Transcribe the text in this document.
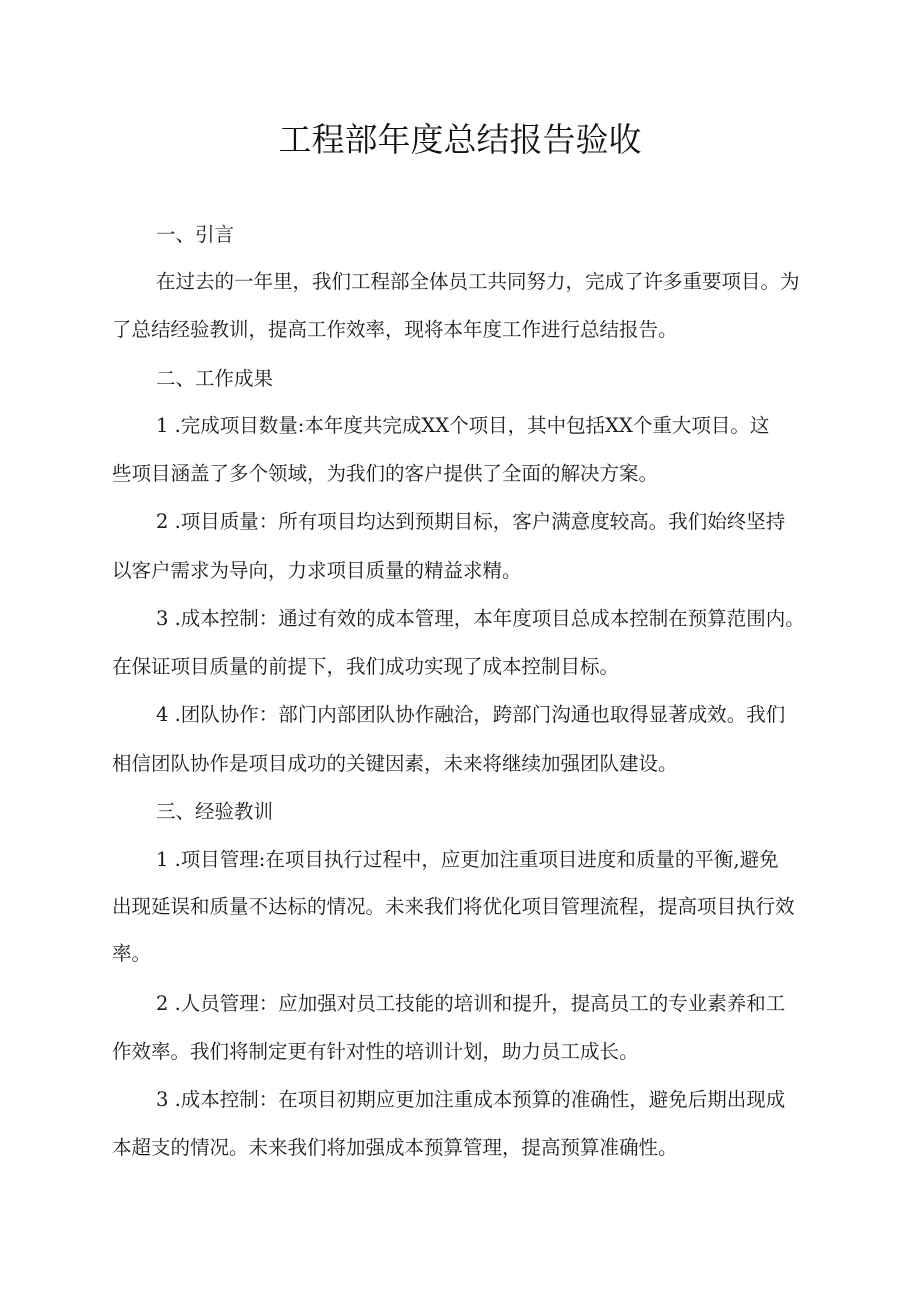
工程部年度总结报告验收

一、引言

在过去的一年里，我们工程部全体员工共同努力，完成了许多重要项目。为

了总结经验教训，提高工作效率，现将本年度工作进行总结报告。

二、工作成果

1 .完成项目数量:本年度共完成XX个项目，其中包括XX个重大项目。这

些项目涵盖了多个领域，为我们的客户提供了全面的解决方案。

2 .项目质量：所有项目均达到预期目标，客户满意度较高。我们始终坚持

以客户需求为导向，力求项目质量的精益求精。

3 .成本控制：通过有效的成本管理，本年度项目总成本控制在预算范围内。

在保证项目质量的前提下，我们成功实现了成本控制目标。

4 .团队协作：部门内部团队协作融洽，跨部门沟通也取得显著成效。我们

相信团队协作是项目成功的关键因素，未来将继续加强团队建设。

三、经验教训

1 .项目管理:在项目执行过程中，应更加注重项目进度和质量的平衡,避免

出现延误和质量不达标的情况。未来我们将优化项目管理流程，提高项目执行效

率。

2 .人员管理：应加强对员工技能的培训和提升，提高员工的专业素养和工

作效率。我们将制定更有针对性的培训计划，助力员工成长。

3 .成本控制：在项目初期应更加注重成本预算的准确性，避免后期出现成

本超支的情况。未来我们将加强成本预算管理，提高预算准确性。
